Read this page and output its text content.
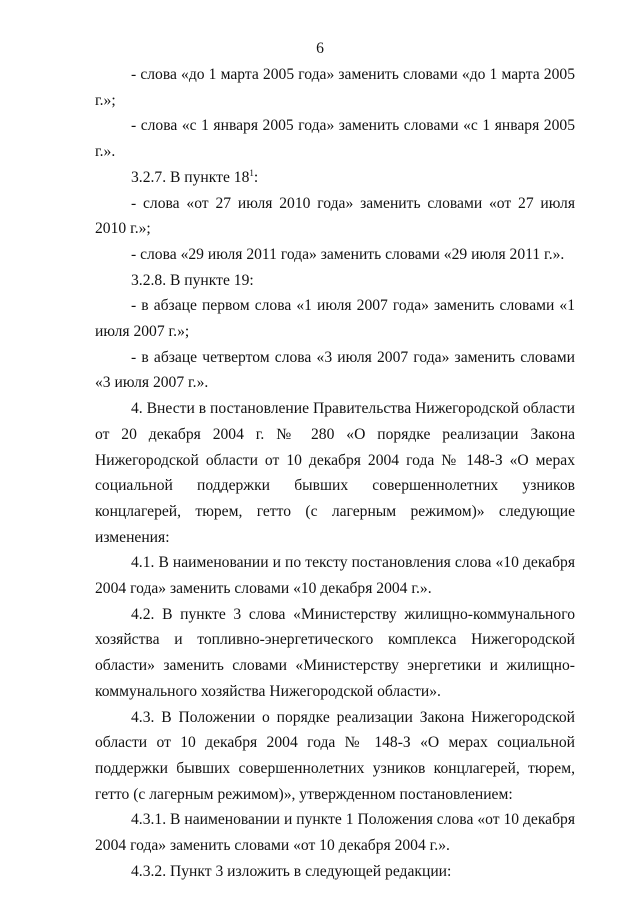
6

- слова «до 1 марта 2005 года» заменить словами «до 1 марта 2005 г.»;

- слова «с 1 января 2005 года» заменить словами «с 1 января 2005 г.».

3.2.7. В пункте $18^1$:

- слова «от 27 июля 2010 года» заменить словами «от 27 июля 2010 г.»;

- слова «29 июля 2011 года» заменить словами «29 июля 2011 г.».

3.2.8. В пункте 19:

- в абзаце первом слова «1 июля 2007 года» заменить словами «1 июля 2007 г.»;

- в абзаце четвертом слова «3 июля 2007 года» заменить словами «3 июля 2007 г.».

4. Внести в постановление Правительства Нижегородской области от 20 декабря 2004 г. № 280 «О порядке реализации Закона Нижегородской области от 10 декабря 2004 года № 148-З «О мерах социальной поддержки бывших совершеннолетних узников концлагерей, тюрем, гетто (с лагерным режимом)» следующие изменения:

4.1. В наименовании и по тексту постановления слова «10 декабря 2004 года» заменить словами «10 декабря 2004 г.».

4.2. В пункте 3 слова «Министерству жилищно-коммунального хозяйства и топливно-энергетического комплекса Нижегородской области» заменить словами «Министерству энергетики и жилищно-коммунального хозяйства Нижегородской области».

4.3. В Положении о порядке реализации Закона Нижегородской области от 10 декабря 2004 года № 148-З «О мерах социальной поддержки бывших совершеннолетних узников концлагерей, тюрем, гетто (с лагерным режимом)», утвержденном постановлением:

4.3.1. В наименовании и пункте 1 Положения слова «от 10 декабря 2004 года» заменить словами «от 10 декабря 2004 г.».

4.3.2. Пункт 3 изложить в следующей редакции:
